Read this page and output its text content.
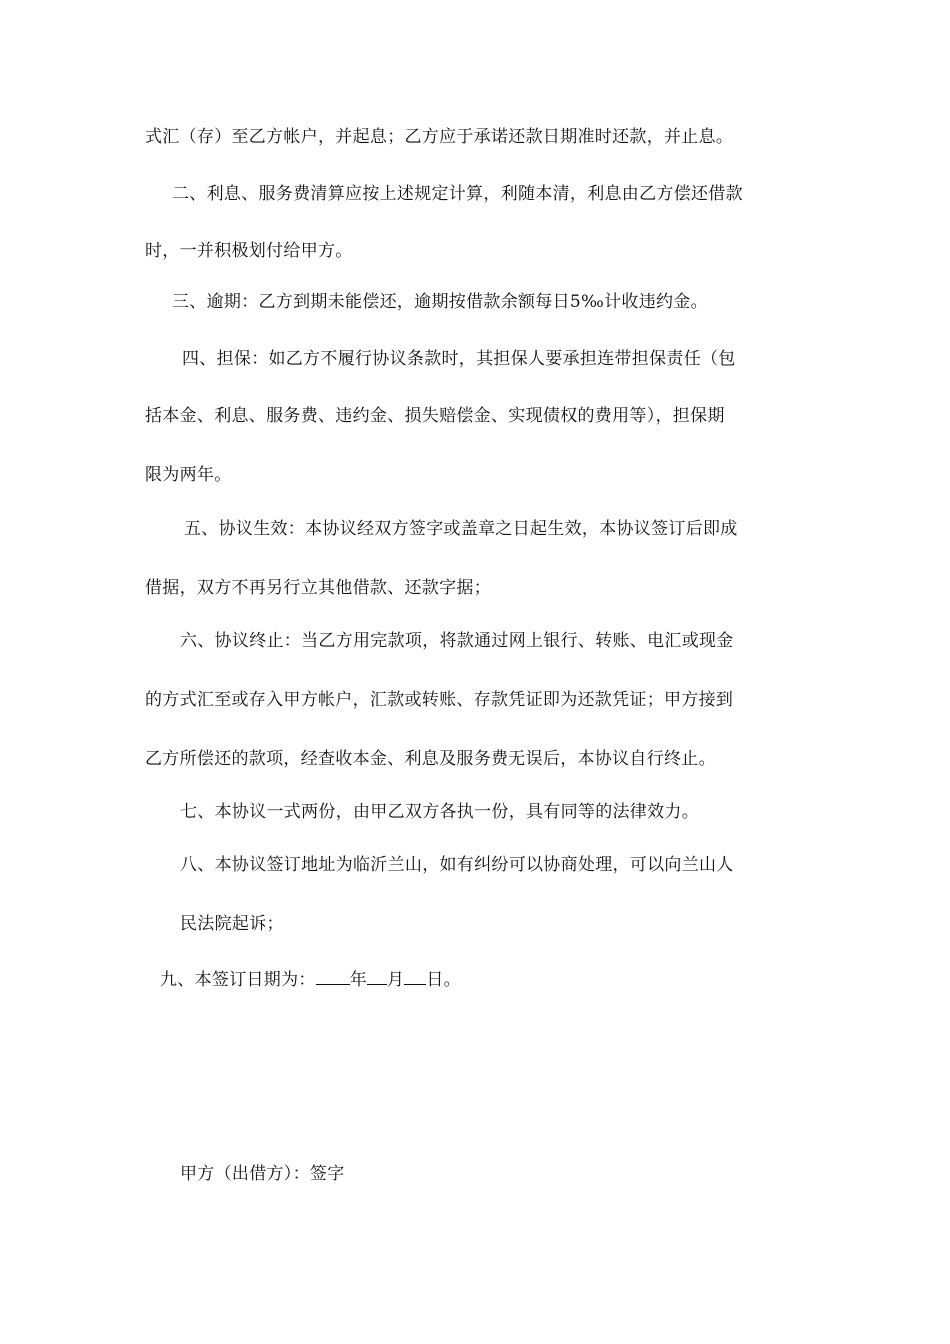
式汇（存）至乙方帐户，并起息；乙方应于承诺还款日期准时还款，并止息。
二、利息、服务费清算应按上述规定计算，利随本清，利息由乙方偿还借款
时，一并积极划付给甲方。
三、逾期：乙方到期未能偿还，逾期按借款余额每日5‰计收违约金。
四、担保：如乙方不履行协议条款时，其担保人要承担连带担保责任（包
括本金、利息、服务费、违约金、损失赔偿金、实现债权的费用等），担保期
限为两年。
五、协议生效：本协议经双方签字或盖章之日起生效，本协议签订后即成
借据，双方不再另行立其他借款、还款字据；
六、协议终止：当乙方用完款项，将款通过网上银行、转账、电汇或现金
的方式汇至或存入甲方帐户，汇款或转账、存款凭证即为还款凭证；甲方接到
乙方所偿还的款项，经查收本金、利息及服务费无误后，本协议自行终止。
七、本协议一式两份，由甲乙双方各执一份，具有同等的法律效力。
八、本协议签订地址为临沂兰山，如有纠纷可以协商处理，可以向兰山人
民法院起诉；
九、本签订日期为： 年 月 日。
甲方（出借方）：签字
